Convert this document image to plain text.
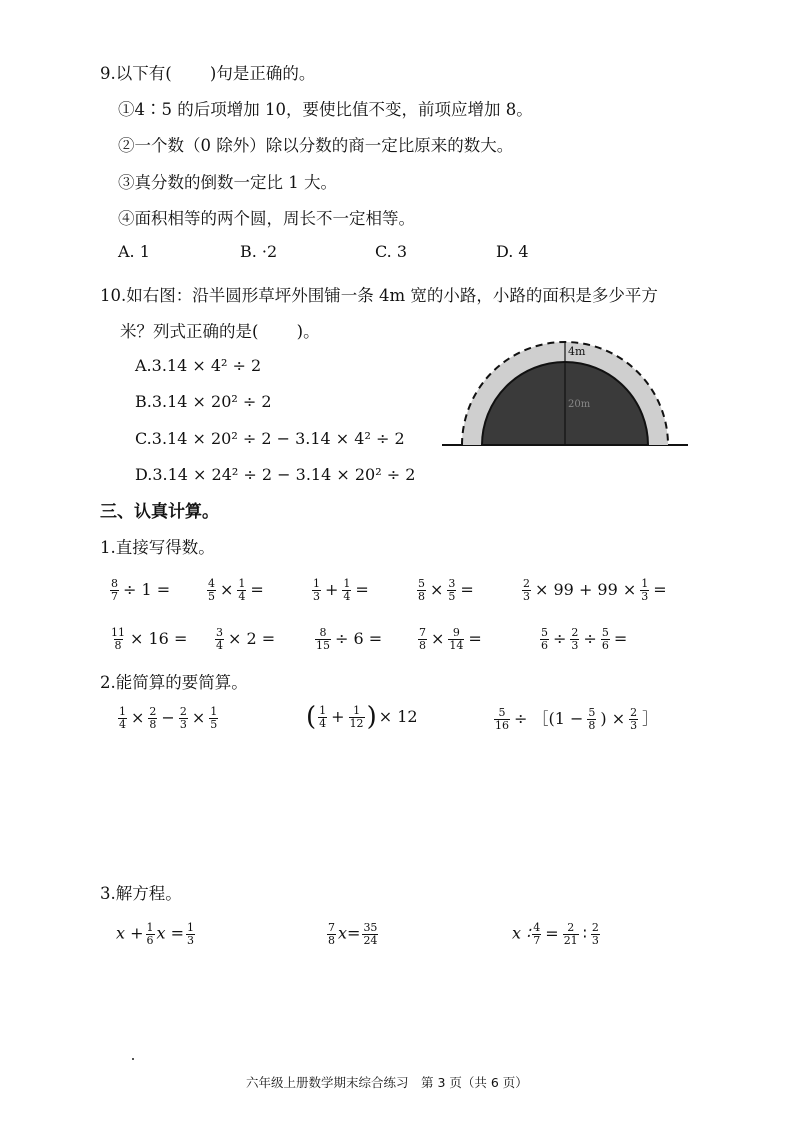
9.以下有(　　 )句是正确的。
①4∶5 的后项增加 10，要使比值不变，前项应增加 8。
②一个数（0 除外）除以分数的商一定比原来的数大。
③真分数的倒数一定比 1 大。
④面积相等的两个圆，周长不一定相等。
A. 1	B. ·2	C. 3	D. 4
10.如右图：沿半圆形草坪外围铺一条 4m 宽的小路，小路的面积是多少平方
米？列式正确的是(　　 )。
A.3.14 × 4² ÷ 2
B.3.14 × 20² ÷ 2
C.3.14 × 20² ÷ 2 − 3.14 × 4² ÷ 2
D.3.14 × 24² ÷ 2 − 3.14 × 20² ÷ 2
4m
20m
三、认真计算。
1.直接写得数。
$\frac{8}{7} \div 1$ =	$\frac{4}{5} \times \frac{1}{4}$ =	$\frac{1}{3} + \frac{1}{4}$ =	$\frac{5}{8} \times \frac{3}{5}$ =	$\frac{2}{3} \times 99 + 99 \times \frac{1}{3}$ =
$\frac{11}{8} \times 16$ =	$\frac{3}{4} \times 2$ =	$\frac{8}{15} \div 6$ =	$\frac{7}{8} \times \frac{9}{14}$ =	$\frac{5}{6} \div \frac{2}{3} \div \frac{5}{6}$ =
2.能简算的要简算。
$\frac{1}{4} \times \frac{2}{8} - \frac{2}{3} \times \frac{1}{5}$	( $\frac{1}{4} + \frac{1}{12}$ ) × 12	$\frac{5}{16}$ ÷ ［(1 − $\frac{5}{8}$ ) × $\frac{2}{3}$ ］
3.解方程。
$x + \frac{1}{6}$ $x = \frac{1}{3}$	$\frac{7}{8} x= \frac{35}{24}$	x ∶ $\frac{4}{7} = \frac{2}{21}$ ∶ $\frac{2}{3}$
六年级上册数学期末综合练习　第 3 页（共 6 页）
